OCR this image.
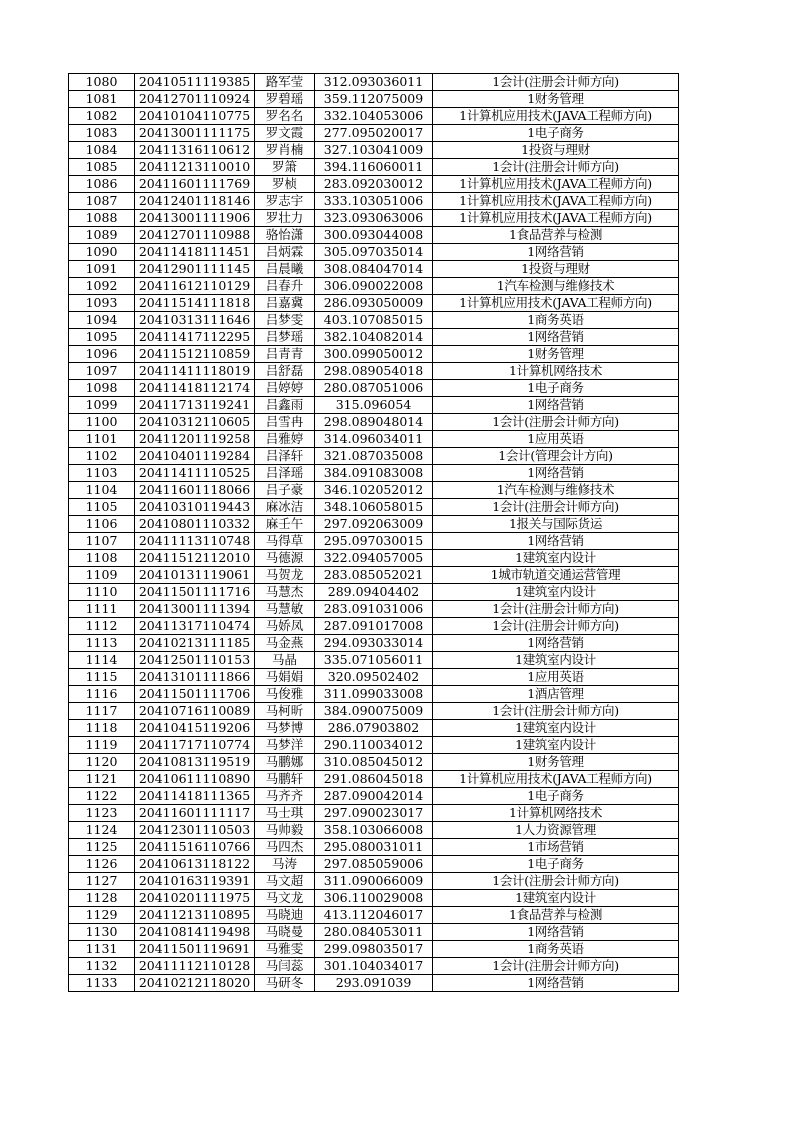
1080	20410511119385	路军莹	312.093036011	1会计(注册会计师方向)
1081	20412701110924	罗碧瑶	359.112075009	1财务管理
1082	20410104110775	罗名名	332.104053006	1计算机应用技术(JAVA工程师方向)
1083	20413001111175	罗文霞	277.095020017	1电子商务
1084	20411316110612	罗肖楠	327.103041009	1投资与理财
1085	20411213110010	罗箫	394.116060011	1会计(注册会计师方向)
1086	20411601111769	罗桢	283.092030012	1计算机应用技术(JAVA工程师方向)
1087	20412401118146	罗志宇	333.103051006	1计算机应用技术(JAVA工程师方向)
1088	20413001111906	罗壮力	323.093063006	1计算机应用技术(JAVA工程师方向)
1089	20412701110988	骆怡潇	300.093044008	1食品营养与检测
1090	20411418111451	吕炳霖	305.097035014	1网络营销
1091	20412901111145	吕晨曦	308.084047014	1投资与理财
1092	20411612110129	吕春升	306.090022008	1汽车检测与维修技术
1093	20411514111818	吕嘉冀	286.093050009	1计算机应用技术(JAVA工程师方向)
1094	20410313111646	吕梦雯	403.107085015	1商务英语
1095	20411417112295	吕梦瑶	382.104082014	1网络营销
1096	20411512110859	吕青青	300.099050012	1财务管理
1097	20411411118019	吕舒磊	298.089054018	1计算机网络技术
1098	20411418112174	吕婷婷	280.087051006	1电子商务
1099	20411713119241	吕鑫雨	315.096054	1网络营销
1100	20410312110605	吕雪冉	298.089048014	1会计(注册会计师方向)
1101	20411201119258	吕雅婷	314.096034011	1应用英语
1102	20410401119284	吕泽轩	321.087035008	1会计(管理会计方向)
1103	20411411110525	吕泽瑶	384.091083008	1网络营销
1104	20411601118066	吕子豪	346.102052012	1汽车检测与维修技术
1105	20410310119443	麻冰洁	348.106058015	1会计(注册会计师方向)
1106	20410801110332	麻壬午	297.092063009	1报关与国际货运
1107	20411113110748	马得草	295.097030015	1网络营销
1108	20411512112010	马德源	322.094057005	1建筑室内设计
1109	20410131119061	马贺龙	283.085052021	1城市轨道交通运营管理
1110	20411501111716	马慧杰	289.09404402	1建筑室内设计
1111	20413001111394	马慧敏	283.091031006	1会计(注册会计师方向)
1112	20411317110474	马娇凤	287.091017008	1会计(注册会计师方向)
1113	20410213111185	马金燕	294.093033014	1网络营销
1114	20412501110153	马晶	335.071056011	1建筑室内设计
1115	20413101111866	马娟娟	320.09502402	1应用英语
1116	20411501111706	马俊雅	311.099033008	1酒店管理
1117	20410716110089	马柯昕	384.090075009	1会计(注册会计师方向)
1118	20410415119206	马梦博	286.07903802	1建筑室内设计
1119	20411717110774	马梦洋	290.110034012	1建筑室内设计
1120	20410813119519	马鹏娜	310.085045012	1财务管理
1121	20410611110890	马鹏轩	291.086045018	1计算机应用技术(JAVA工程师方向)
1122	20411418111365	马齐齐	287.090042014	1电子商务
1123	20411601111117	马士琪	297.090023017	1计算机网络技术
1124	20412301110503	马帅毅	358.103066008	1人力资源管理
1125	20411516110766	马四杰	295.080031011	1市场营销
1126	20410613118122	马涛	297.085059006	1电子商务
1127	20410163119391	马文超	311.090066009	1会计(注册会计师方向)
1128	20410201111975	马文龙	306.110029008	1建筑室内设计
1129	20411213110895	马晓迪	413.112046017	1食品营养与检测
1130	20410814119498	马晓曼	280.084053011	1网络营销
1131	20411501119691	马雅雯	299.098035017	1商务英语
1132	20411112110128	马闫蕊	301.104034017	1会计(注册会计师方向)
1133	20410212118020	马研冬	293.091039	1网络营销
